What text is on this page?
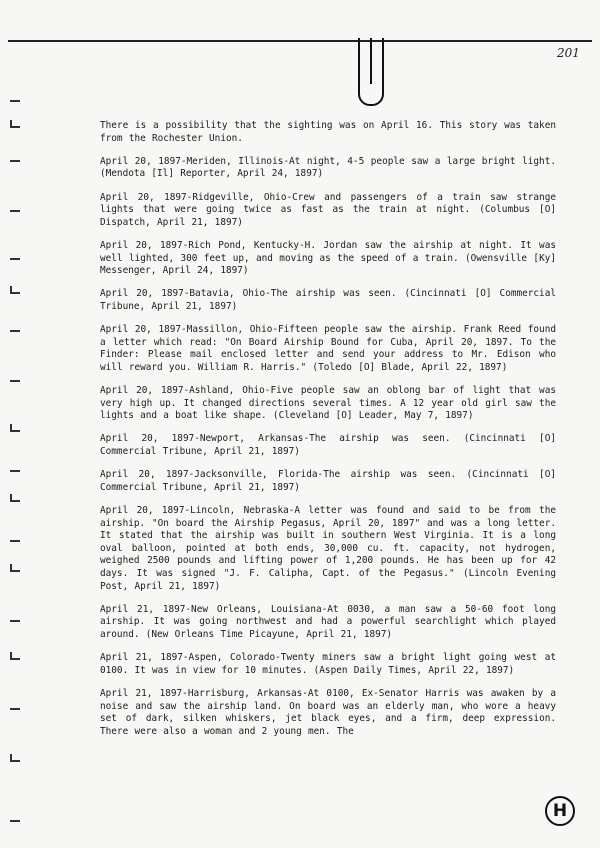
201

There is a possibility that the sighting was on April 16. This story was taken from the Rochester Union.

April 20, 1897-Meriden, Illinois-At night, 4-5 people saw a large bright light. (Mendota [Il] Reporter, April 24, 1897)

April 20, 1897-Ridgeville, Ohio-Crew and passengers of a train saw strange lights that were going twice as fast as the train at night. (Columbus [O] Dispatch, April 21, 1897)

April 20, 1897-Rich Pond, Kentucky-H. Jordan saw the airship at night. It was well lighted, 300 feet up, and moving as the speed of a train. (Owensville [Ky] Messenger, April 24, 1897)

April 20, 1897-Batavia, Ohio-The airship was seen. (Cincinnati [O] Commercial Tribune, April 21, 1897)

April 20, 1897-Massillon, Ohio-Fifteen people saw the airship. Frank Reed found a letter which read: "On Board Airship Bound for Cuba, April 20, 1897. To the Finder: Please mail enclosed letter and send your address to Mr. Edison who will reward you. William R. Harris." (Toledo [O] Blade, April 22, 1897)

April 20, 1897-Ashland, Ohio-Five people saw an oblong bar of light that was very high up. It changed directions several times. A 12 year old girl saw the lights and a boat like shape. (Cleveland [O] Leader, May 7, 1897)

April 20, 1897-Newport, Arkansas-The airship was seen. (Cincinnati [O] Commercial Tribune, April 21, 1897)

April 20, 1897-Jacksonville, Florida-The airship was seen. (Cincinnati [O] Commercial Tribune, April 21, 1897)

April 20, 1897-Lincoln, Nebraska-A letter was found and said to be from the airship. "On board the Airship Pegasus, April 20, 1897" and was a long letter. It stated that the airship was built in southern West Virginia. It is a long oval balloon, pointed at both ends, 30,000 cu. ft. capacity, not hydrogen, weighed 2500 pounds and lifting power of 1,200 pounds. He has been up for 42 days. It was signed "J. F. Calipha, Capt. of the Pegasus." (Lincoln Evening Post, April 21, 1897)

April 21, 1897-New Orleans, Louisiana-At 0030, a man saw a 50-60 foot long airship. It was going northwest and had a powerful searchlight which played around. (New Orleans Time Picayune, April 21, 1897)

April 21, 1897-Aspen, Colorado-Twenty miners saw a bright light going west at 0100. It was in view for 10 minutes. (Aspen Daily Times, April 22, 1897)

April 21, 1897-Harrisburg, Arkansas-At 0100, Ex-Senator Harris was awaken by a noise and saw the airship land. On board was an elderly man, who wore a heavy set of dark, silken whiskers, jet black eyes, and a firm, deep expression. There were also a woman and 2 young men. The

H
